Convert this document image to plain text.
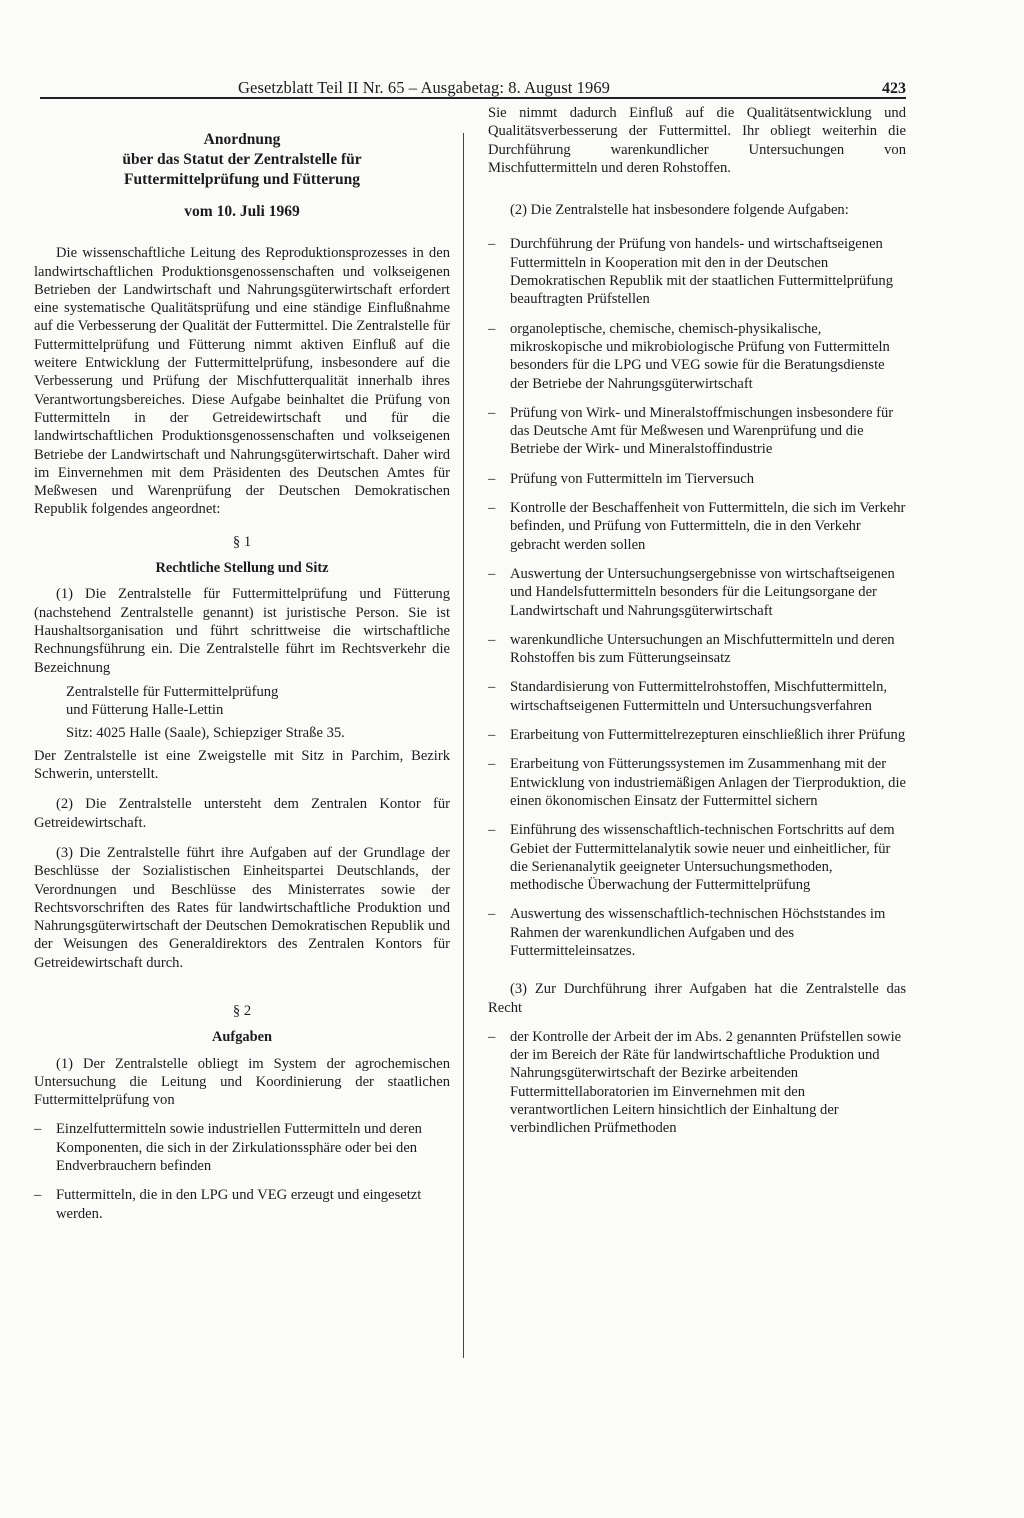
Gesetzblatt Teil II Nr. 65 – Ausgabetag: 8. August 1969	423
Anordnung
über das Statut der Zentralstelle für
Futtermittelprüfung und Fütterung
vom 10. Juli 1969

Die wissenschaftliche Leitung des Reproduktionsprozesses in den landwirtschaftlichen Produktionsgenossenschaften und volkseigenen Betrieben der Landwirtschaft und Nahrungsgüterwirtschaft erfordert eine systematische Qualitätsprüfung und eine ständige Einflußnahme auf die Verbesserung der Qualität der Futtermittel. Die Zentralstelle für Futtermittelprüfung und Fütterung nimmt aktiven Einfluß auf die weitere Entwicklung der Futtermittelprüfung, insbesondere auf die Verbesserung und Prüfung der Mischfutterqualität innerhalb ihres Verantwortungsbereiches. Diese Aufgabe beinhaltet die Prüfung von Futtermitteln in der Getreidewirtschaft und für die landwirtschaftlichen Produktionsgenossenschaften und volkseigenen Betriebe der Landwirtschaft und Nahrungsgüterwirtschaft. Daher wird im Einvernehmen mit dem Präsidenten des Deutschen Amtes für Meßwesen und Warenprüfung der Deutschen Demokratischen Republik folgendes angeordnet:

§ 1
Rechtliche Stellung und Sitz

(1) Die Zentralstelle für Futtermittelprüfung und Fütterung (nachstehend Zentralstelle genannt) ist juristische Person. Sie ist Haushaltsorganisation und führt schrittweise die wirtschaftliche Rechnungsführung ein. Die Zentralstelle führt im Rechtsverkehr die Bezeichnung

Zentralstelle für Futtermittelprüfung
und Fütterung Halle-Lettin
Sitz: 4025 Halle (Saale), Schiepziger Straße 35.

Der Zentralstelle ist eine Zweigstelle mit Sitz in Parchim, Bezirk Schwerin, unterstellt.

(2) Die Zentralstelle untersteht dem Zentralen Kontor für Getreidewirtschaft.

(3) Die Zentralstelle führt ihre Aufgaben auf der Grundlage der Beschlüsse der Sozialistischen Einheitspartei Deutschlands, der Verordnungen und Beschlüsse des Ministerrates sowie der Rechtsvorschriften des Rates für landwirtschaftliche Produktion und Nahrungsgüterwirtschaft der Deutschen Demokratischen Republik und der Weisungen des Generaldirektors des Zentralen Kontors für Getreidewirtschaft durch.

§ 2
Aufgaben

(1) Der Zentralstelle obliegt im System der agrochemischen Untersuchung die Leitung und Koordinierung der staatlichen Futtermittelprüfung von

– Einzelfuttermitteln sowie industriellen Futtermitteln und deren Komponenten, die sich in der Zirkulationssphäre oder bei den Endverbrauchern befinden
– Futtermitteln, die in den LPG und VEG erzeugt und eingesetzt werden.

Sie nimmt dadurch Einfluß auf die Qualitätsentwicklung und Qualitätsverbesserung der Futtermittel. Ihr obliegt weiterhin die Durchführung warenkundlicher Untersuchungen von Mischfuttermitteln und deren Rohstoffen.

(2) Die Zentralstelle hat insbesondere folgende Aufgaben:

– Durchführung der Prüfung von handels- und wirtschaftseigenen Futtermitteln in Kooperation mit den in der Deutschen Demokratischen Republik mit der staatlichen Futtermittelprüfung beauftragten Prüfstellen
– organoleptische, chemische, chemisch-physikalische, mikroskopische und mikrobiologische Prüfung von Futtermitteln besonders für die LPG und VEG sowie für die Beratungsdienste der Betriebe der Nahrungsgüterwirtschaft
– Prüfung von Wirk- und Mineralstoffmischungen insbesondere für das Deutsche Amt für Meßwesen und Warenprüfung und die Betriebe der Wirk- und Mineralstoffindustrie
– Prüfung von Futtermitteln im Tierversuch
– Kontrolle der Beschaffenheit von Futtermitteln, die sich im Verkehr befinden, und Prüfung von Futtermitteln, die in den Verkehr gebracht werden sollen
– Auswertung der Untersuchungsergebnisse von wirtschaftseigenen und Handelsfuttermitteln besonders für die Leitungsorgane der Landwirtschaft und Nahrungsgüterwirtschaft
– warenkundliche Untersuchungen an Mischfuttermitteln und deren Rohstoffen bis zum Fütterungseinsatz
– Standardisierung von Futtermittelrohstoffen, Mischfuttermitteln, wirtschaftseigenen Futtermitteln und Untersuchungsverfahren
– Erarbeitung von Futtermittelrezepturen einschließlich ihrer Prüfung
– Erarbeitung von Fütterungssystemen im Zusammenhang mit der Entwicklung von industriemäßigen Anlagen der Tierproduktion, die einen ökonomischen Einsatz der Futtermittel sichern
– Einführung des wissenschaftlich-technischen Fortschritts auf dem Gebiet der Futtermittelanalytik sowie neuer und einheitlicher, für die Serienanalytik geeigneter Untersuchungsmethoden, methodische Überwachung der Futtermittelprüfung
– Auswertung des wissenschaftlich-technischen Höchststandes im Rahmen der warenkundlichen Aufgaben und des Futtermitteleinsatzes.

(3) Zur Durchführung ihrer Aufgaben hat die Zentralstelle das Recht

– der Kontrolle der Arbeit der im Abs. 2 genannten Prüfstellen sowie der im Bereich der Räte für landwirtschaftliche Produktion und Nahrungsgüterwirtschaft der Bezirke arbeitenden Futtermittellaboratorien im Einvernehmen mit den verantwortlichen Leitern hinsichtlich der Einhaltung der verbindlichen Prüfmethoden
